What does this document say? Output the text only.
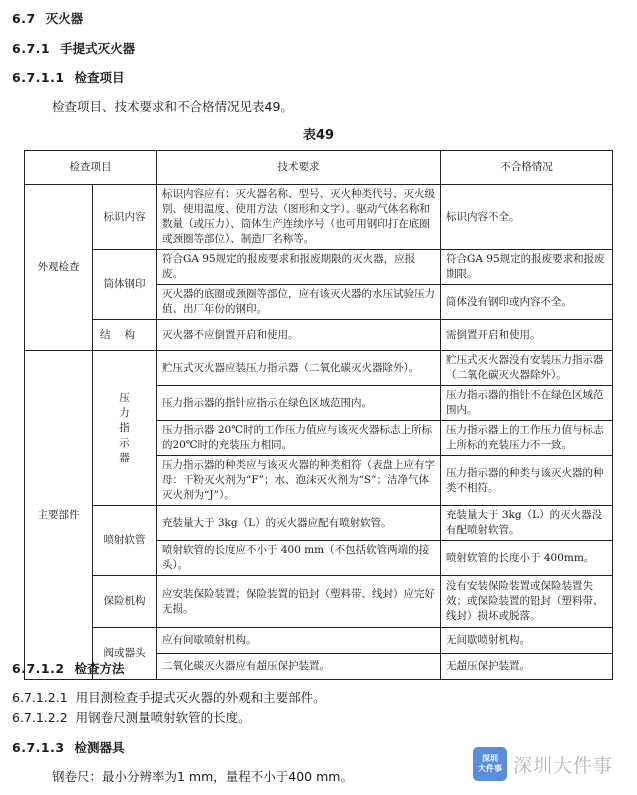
6.7 灭火器
6.7.1 手提式灭火器
6.7.1.1 检查项目
检查项目、技术要求和不合格情况见表49。
表49
检查项目		技术要求	不合格情况
外观检查	标识内容	标识内容应有：灭火器名称、型号、灭火种类代号、灭火级别、使用温度、使用方法（图形和文字）、驱动气体名称和数量（或压力）、筒体生产连续序号（也可用钢印打在底圈或颈圈等部位）、制造厂名称等。	标识内容不全。
	筒体钢印	符合GA 95规定的报废要求和报废期限的灭火器，应报废。	符合GA 95规定的报废要求和报废期限。
		灭火器的底圈或颈圈等部位，应有该灭火器的水压试验压力值、出厂年份的钢印。	筒体没有钢印或内容不全。
	结构	灭火器不应倒置开启和使用。	需倒置开启和使用。
主要部件	压力指示器	贮压式灭火器应装压力指示器（二氧化碳灭火器除外）。	贮压式灭火器没有安装压力指示器（二氧化碳灭火器除外）。
		压力指示器的指针应指示在绿色区域范围内。	压力指示器的指针不在绿色区域范围内。
		压力指示器 20℃时的工作压力值应与该灭火器标志上所标的20℃时的充装压力相同。	压力指示器上的工作压力值与标志上所标的充装压力不一致。
		压力指示器的种类应与该灭火器的种类相符（表盘上应有字母：干粉灭火剂为“F”；水、泡沫灭火剂为“S”；洁净气体灭火剂为“J”）。	压力指示器的种类与该灭火器的种类不相符。
	喷射软管	充装量大于 3kg（L）的灭火器应配有喷射软管。	充装量大于 3kg（L）的灭火器没有配喷射软管。
		喷射软管的长度应不小于 400 mm（不包括软管两端的接头）。	喷射软管的长度小于 400mm。
	保险机构	应安装保险装置；保险装置的铅封（塑料带、线封）应完好无损。	没有安装保险装置或保险装置失效；或保险装置的铅封（塑料带、线封）损坏或脱落。
	阀或器头	应有间歇喷射机构。	无间歇喷射机构。
		二氧化碳灭火器应有超压保护装置。	无超压保护装置。
6.7.1.2 检查方法
6.7.1.2.1 用目测检查手提式灭火器的外观和主要部件。
6.7.1.2.2 用钢卷尺测量喷射软管的长度。
6.7.1.3 检测器具
钢卷尺：最小分辨率为1 mm，量程不小于400 mm。
深圳
大件事 深圳大件事
